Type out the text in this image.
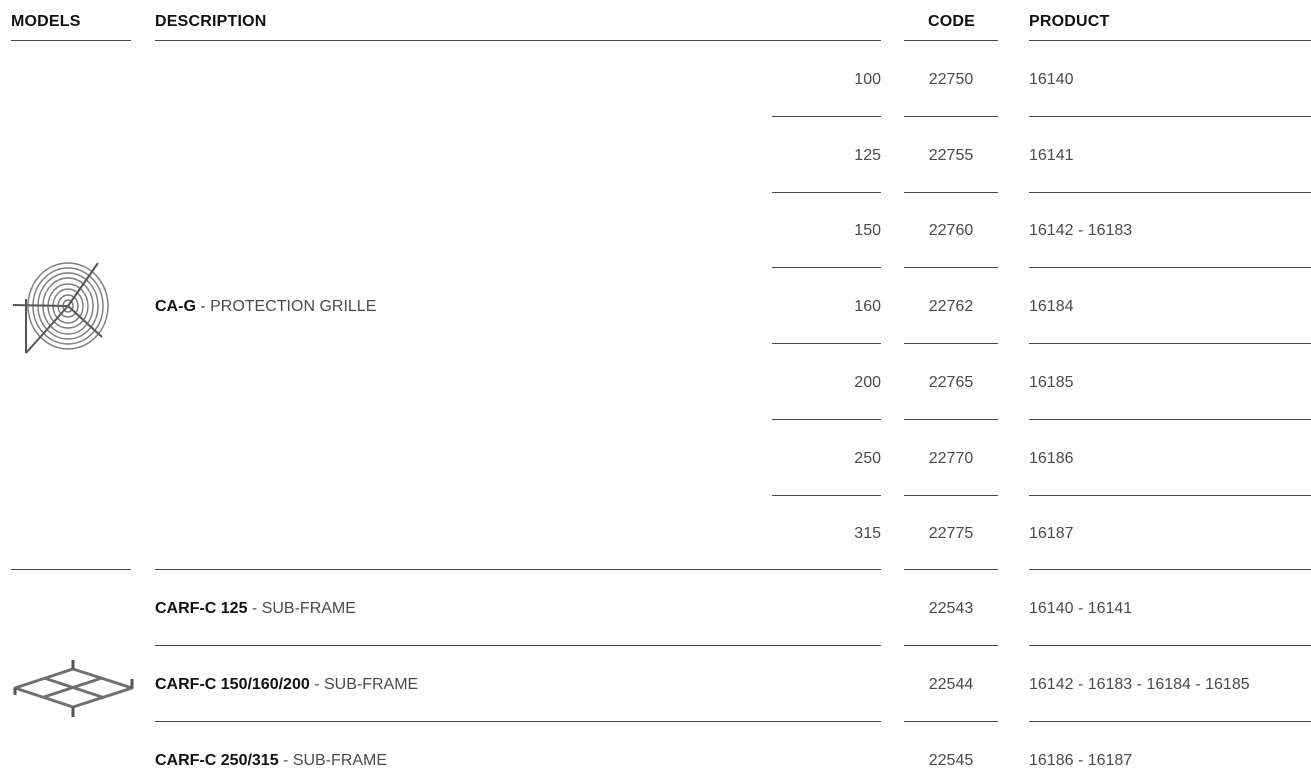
MODELS	DESCRIPTION	CODE	PRODUCT
CA-G - PROTECTION GRILLE
100	22750	16140
125	22755	16141
150	22760	16142 - 16183
160	22762	16184
200	22765	16185
250	22770	16186
315	22775	16187
CARF-C 125 - SUB-FRAME	22543	16140 - 16141
CARF-C 150/160/200 - SUB-FRAME	22544	16142 - 16183 - 16184 - 16185
CARF-C 250/315 - SUB-FRAME	22545	16186 - 16187
